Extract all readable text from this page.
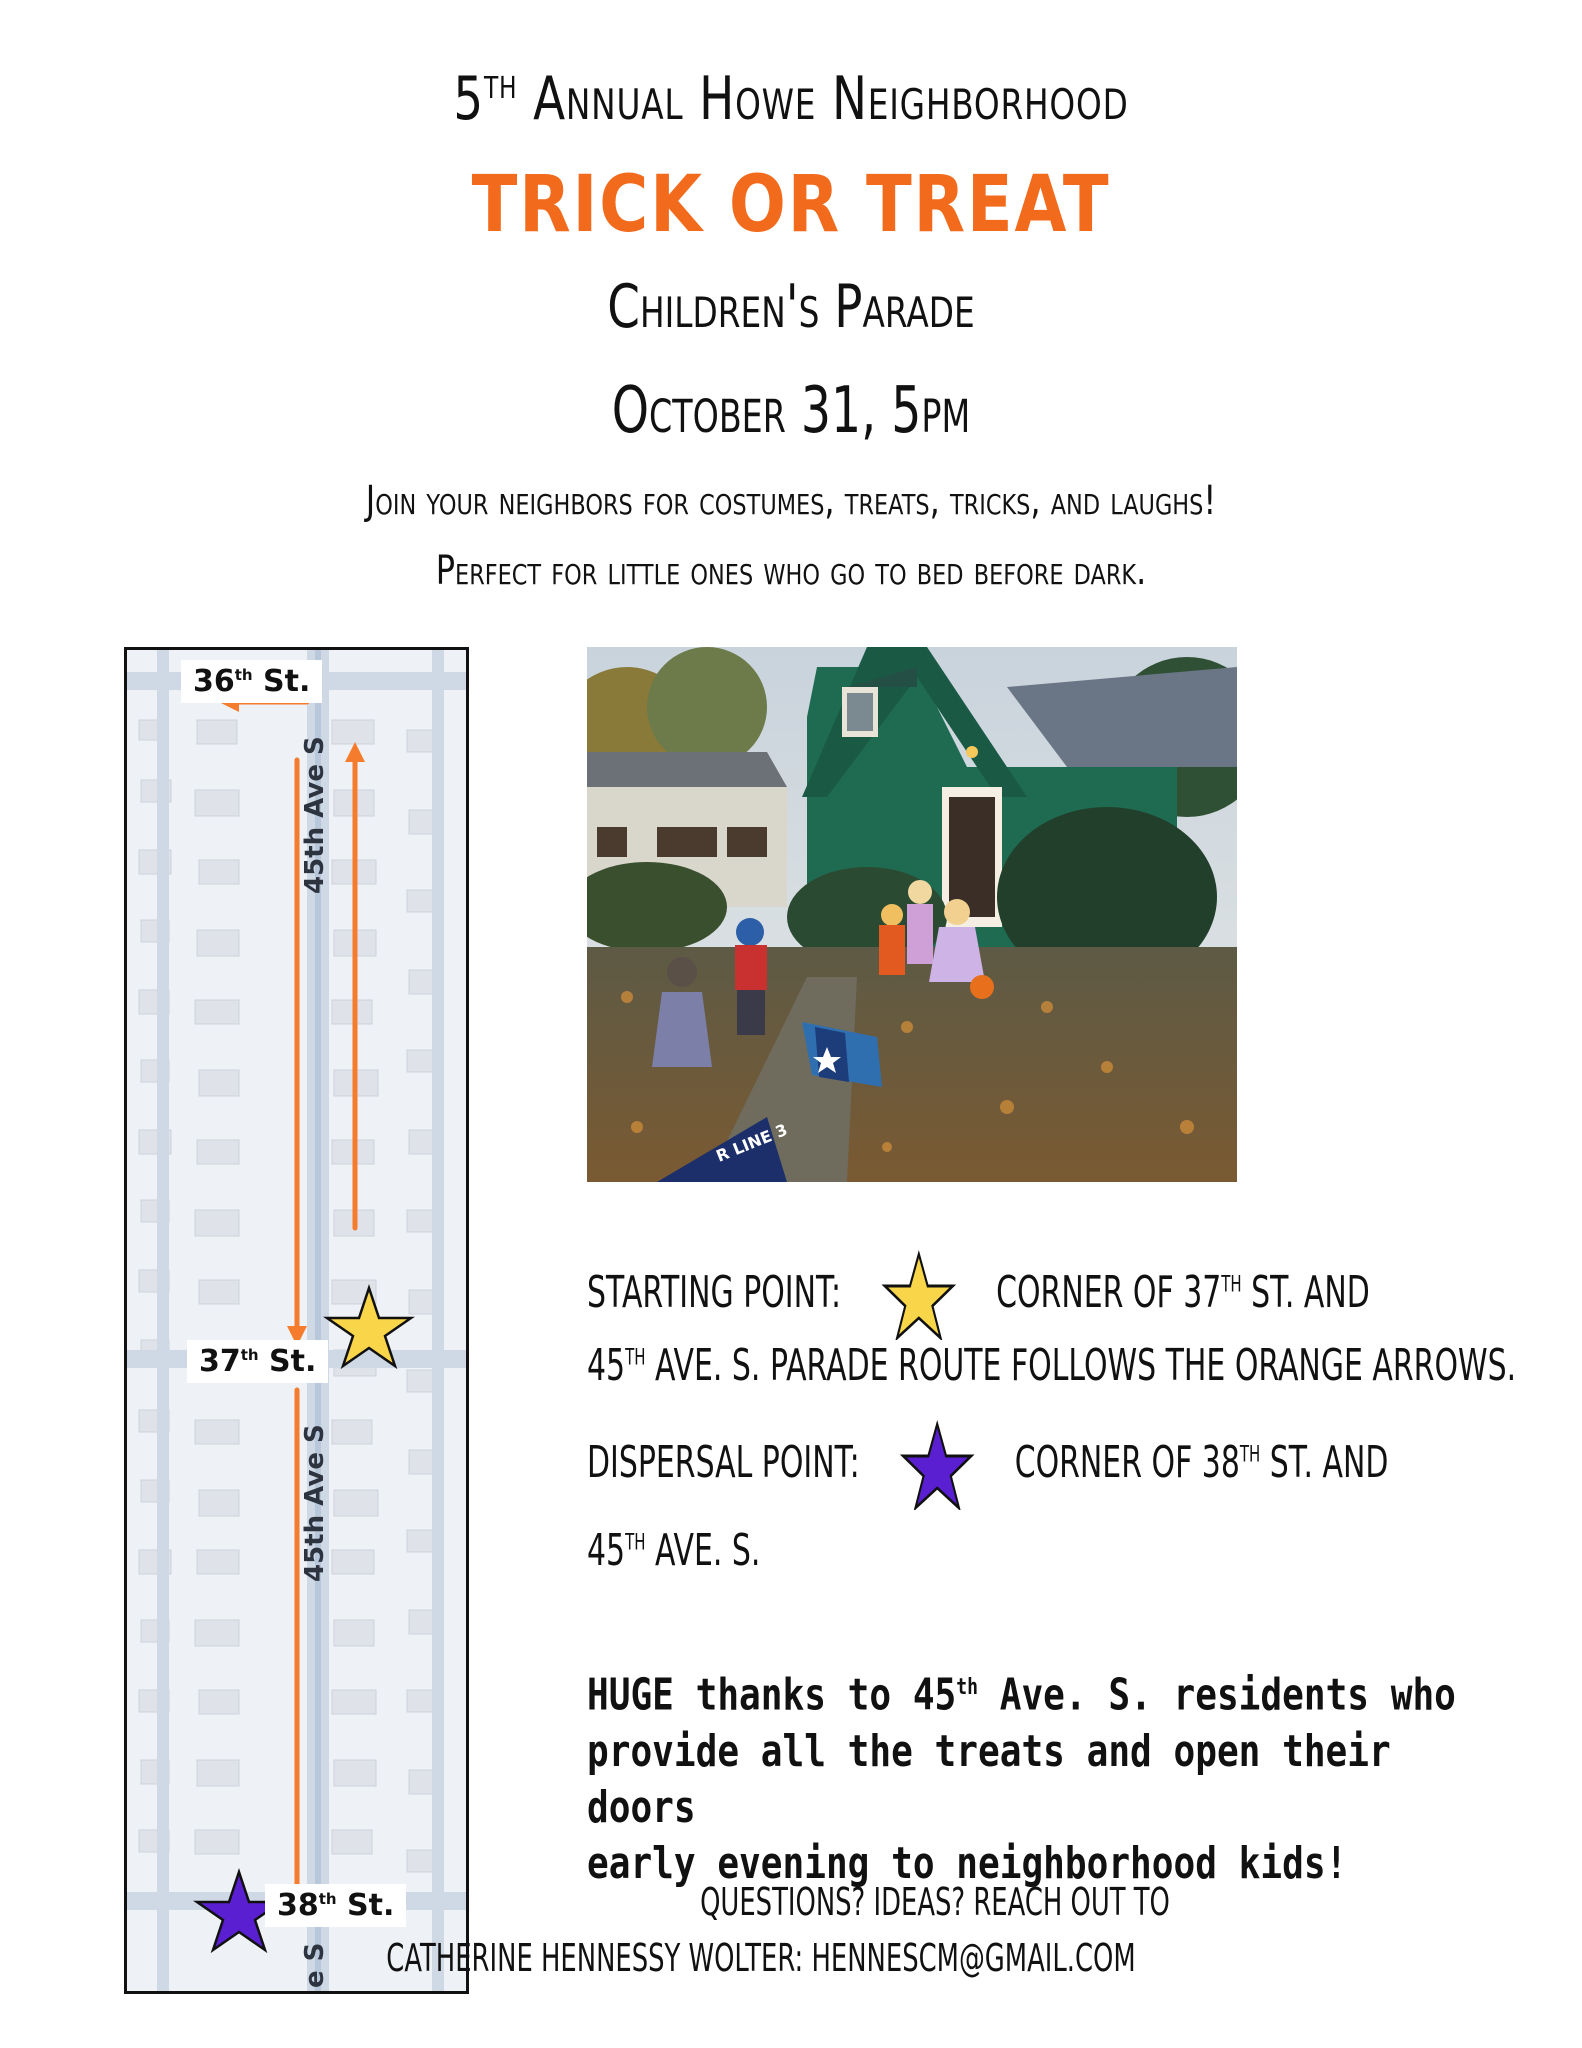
5TH Annual Howe Neighborhood
TRICK OR TREAT
Children's Parade
October 31, 5pm
Join your neighbors for costumes, treats, tricks, and laughs!
Perfect for little ones who go to bed before dark.
36th St.
37th St.
38th St.
45th Ave S
45th Ave S
e S
R LINE 3
STARTING POINT:	CORNER OF 37TH ST. AND
45TH AVE. S. PARADE ROUTE FOLLOWS THE ORANGE ARROWS.
DISPERSAL POINT:	CORNER OF 38TH ST. AND
45TH AVE. S.
HUGE thanks to 45th Ave. S. residents who
provide all the treats and open their doors
early evening to neighborhood kids!
QUESTIONS? IDEAS? REACH OUT TO
CATHERINE HENNESSY WOLTER: HENNESCM@GMAIL.COM
